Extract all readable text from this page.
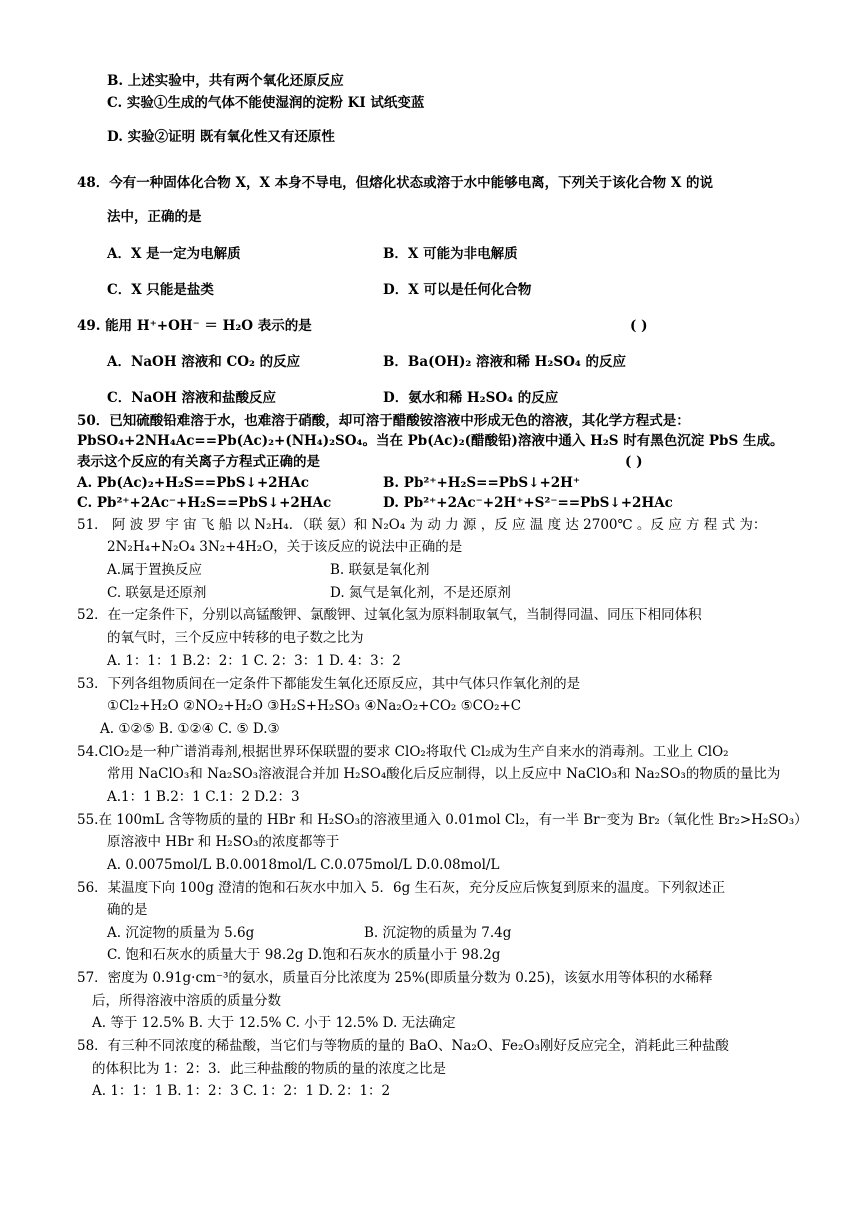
B. 上述实验中，共有两个氧化还原反应
C. 实验①生成的气体不能使湿润的淀粉 KI 试纸变蓝
D. 实验②证明 既有氧化性又有还原性
48．今有一种固体化合物 X，X 本身不导电，但熔化状态或溶于水中能够电离，下列关于该化合物 X 的说
法中，正确的是
A．X 是一定为电解质	B．X 可能为非电解质
C．X 只能是盐类	D．X 可以是任何化合物
49. 能用 H⁺+OH⁻ ＝ H₂O 表示的是	( )
A．NaOH 溶液和 CO₂ 的反应	B．Ba(OH)₂ 溶液和稀 H₂SO₄ 的反应
C．NaOH 溶液和盐酸反应	D．氨水和稀 H₂SO₄ 的反应
50．已知硫酸铅难溶于水，也难溶于硝酸，却可溶于醋酸铵溶液中形成无色的溶液，其化学方程式是：
PbSO₄+2NH₄Ac==Pb(Ac)₂+(NH₄)₂SO₄。当在 Pb(Ac)₂(醋酸铅)溶液中通入 H₂S 时有黑色沉淀 PbS 生成。
表示这个反应的有关离子方程式正确的是	( )
A. Pb(Ac)₂+H₂S==PbS↓+2HAc	B. Pb²⁺+H₂S==PbS↓+2H⁺
C. Pb²⁺+2Ac⁻+H₂S==PbS↓+2HAc	D. Pb²⁺+2Ac⁻+2H⁺+S²⁻==PbS↓+2HAc
51． 阿 波 罗 宇 宙 飞 船 以 N₂H₄．（联 氨）和 N₂O₄ 为 动 力 源 ，反 应 温 度 达 2700℃ 。反 应 方 程 式 为：
2N₂H₄+N₂O₄ 3N₂+4H₂O，关于该反应的说法中正确的是
A.属于置换反应	B. 联氨是氧化剂
C. 联氨是还原剂	D. 氮气是氧化剂，不是还原剂
52．在一定条件下，分别以高锰酸钾、氯酸钾、过氧化氢为原料制取氧气，当制得同温、同压下相同体积
的氧气时，三个反应中转移的电子数之比为
A. 1：1：1 B.2：2：1 C. 2：3：1 D. 4：3：2
53．下列各组物质间在一定条件下都能发生氧化还原反应，其中气体只作氧化剂的是
①Cl₂+H₂O ②NO₂+H₂O ③H₂S+H₂SO₃ ④Na₂O₂+CO₂ ⑤CO₂+C
A. ①②⑤ B. ①②④ C. ⑤ D.③
54.ClO₂是一种广谱消毒剂,根据世界环保联盟的要求 ClO₂将取代 Cl₂成为生产自来水的消毒剂。工业上 ClO₂
常用 NaClO₃和 Na₂SO₃溶液混合并加 H₂SO₄酸化后反应制得，以上反应中 NaClO₃和 Na₂SO₃的物质的量比为
A.1：1 B.2：1 C.1：2 D.2：3
55.在 100mL 含等物质的量的 HBr 和 H₂SO₃的溶液里通入 0.01mol Cl₂，有一半 Br⁻变为 Br₂（氧化性 Br₂>H₂SO₃）
原溶液中 HBr 和 H₂SO₃的浓度都等于
A. 0.0075mol/L B.0.0018mol/L C.0.075mol/L D.0.08mol/L
56．某温度下向 100g 澄清的饱和石灰水中加入 5．6g 生石灰，充分反应后恢复到原来的温度。下列叙述正
确的是
A. 沉淀物的质量为 5.6g	B. 沉淀物的质量为 7.4g
C. 饱和石灰水的质量大于 98.2g D.饱和石灰水的质量小于 98.2g
57．密度为 0.91g·cm⁻³的氨水，质量百分比浓度为 25%(即质量分数为 0.25)，该氨水用等体积的水稀释
后，所得溶液中溶质的质量分数
A. 等于 12.5% B. 大于 12.5% C. 小于 12.5% D. 无法确定
58．有三种不同浓度的稀盐酸，当它们与等物质的量的 BaO、Na₂O、Fe₂O₃刚好反应完全，消耗此三种盐酸
的体积比为 1：2：3．此三种盐酸的物质的量的浓度之比是
A. 1：1：1 B. 1：2：3 C. 1：2：1 D. 2：1：2
